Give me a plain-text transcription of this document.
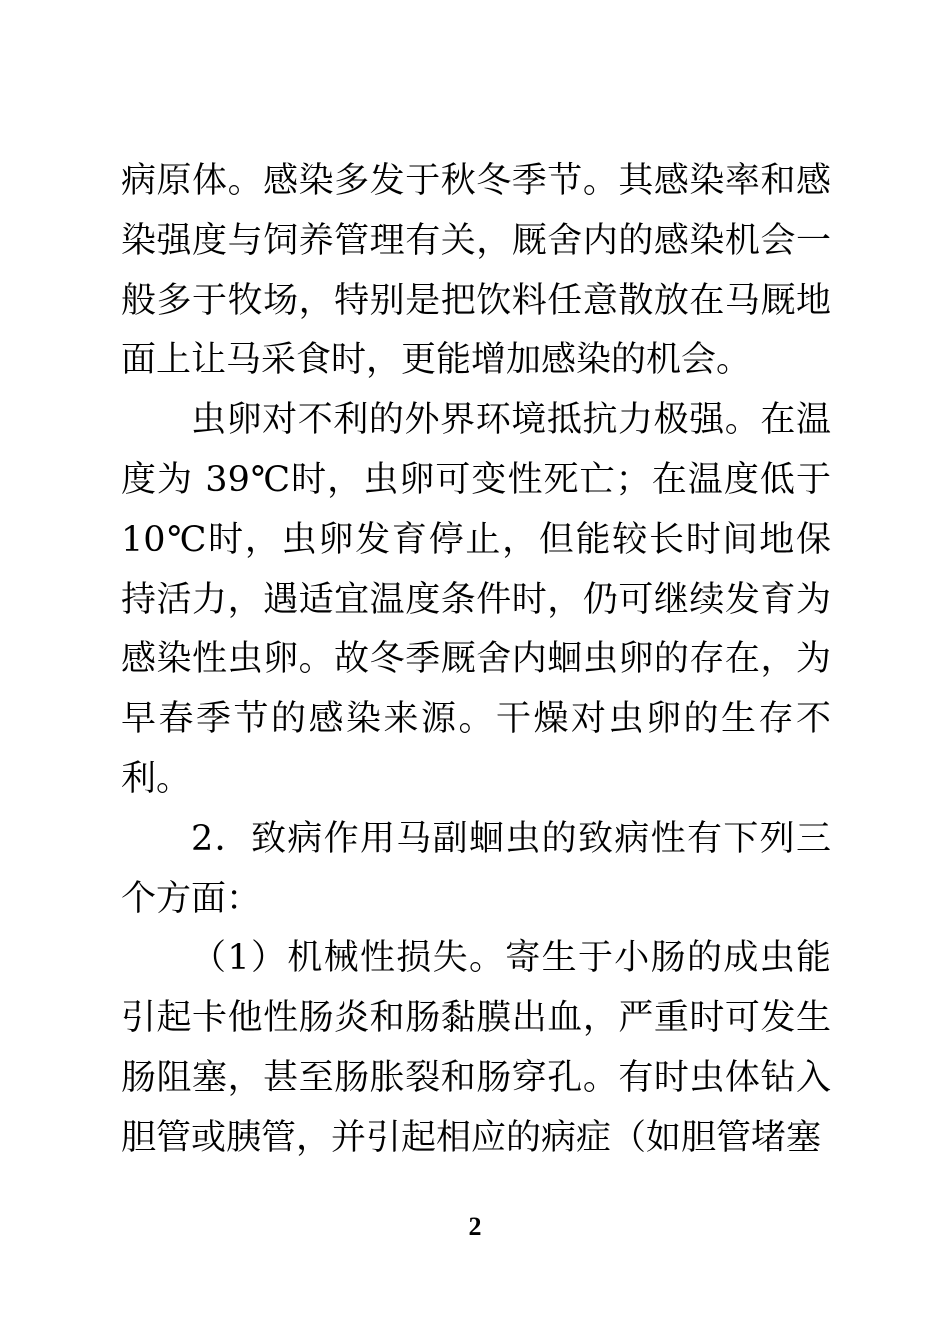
病原体。感染多发于秋冬季节。其感染率和感染强度与饲养管理有关，厩舍内的感染机会一般多于牧场，特别是把饮料任意散放在马厩地面上让马采食时，更能增加感染的机会。

虫卵对不利的外界环境抵抗力极强。在温度为 39℃时，虫卵可变性死亡；在温度低于10℃时，虫卵发育停止，但能较长时间地保持活力，遇适宜温度条件时，仍可继续发育为感染性虫卵。故冬季厩舍内蛔虫卵的存在，为早春季节的感染来源。干燥对虫卵的生存不利。

2．致病作用马副蛔虫的致病性有下列三个方面：

（1）机械性损失。寄生于小肠的成虫能引起卡他性肠炎和肠黏膜出血，严重时可发生肠阻塞，甚至肠胀裂和肠穿孔。有时虫体钻入胆管或胰管，并引起相应的病症（如胆管堵塞

2
